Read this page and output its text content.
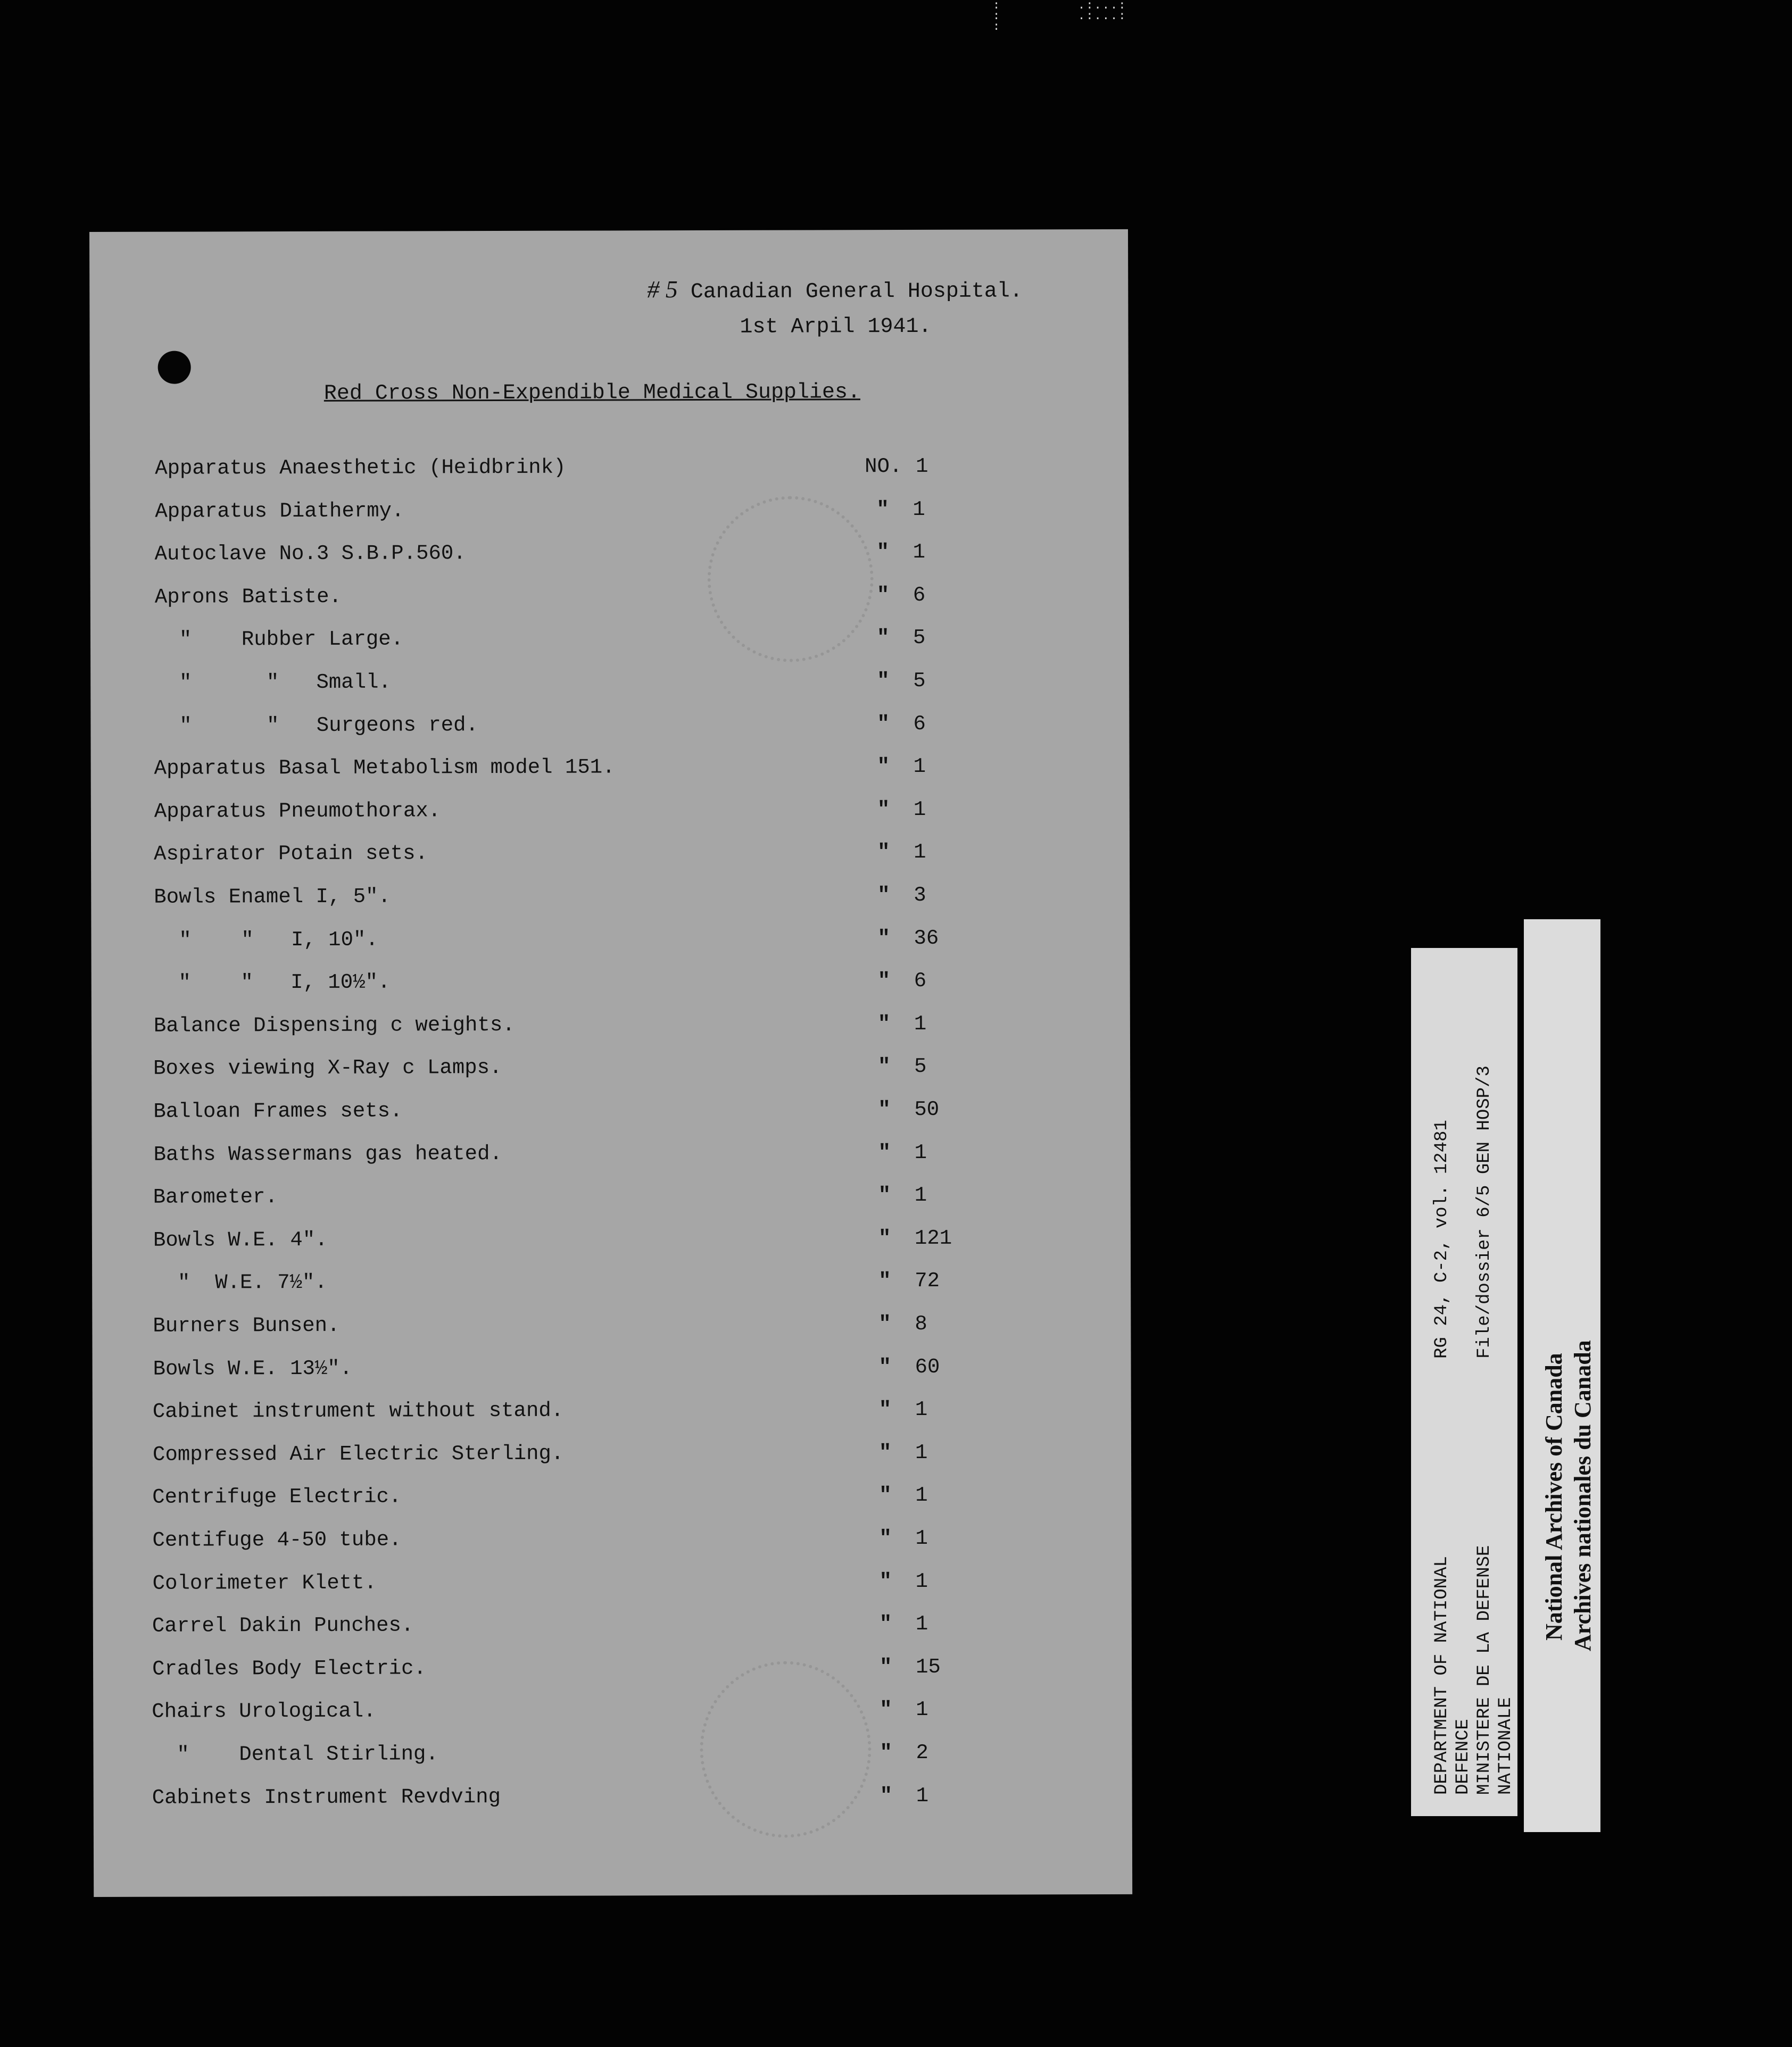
:
:
:
.:...:
.:...:
# 5 Canadian General Hospital.
1st Arpil 1941.
Red Cross Non-Expendible Medical Supplies.
Apparatus Anaesthetic (Heidbrink)	NO. 1
Apparatus Diathermy.	" 1
Autoclave No.3 S.B.P.560.	" 1
Aprons Batiste.	" 6
"    Rubber Large.	" 5
"      "   Small.	" 5
"      "   Surgeons red.	" 6
Apparatus Basal Metabolism model 151.	" 1
Apparatus Pneumothorax.	" 1
Aspirator Potain sets.	" 1
Bowls Enamel I, 5".	" 3
"    "   I, 10".	" 36
"    "   I, 10½".	" 6
Balance Dispensing c weights.	" 1
Boxes viewing X-Ray c Lamps.	" 5
Balloan Frames sets.	" 50
Baths Wassermans gas heated.	" 1
Barometer.	" 1
Bowls W.E. 4".	" 121
"  W.E. 7½".	" 72
Burners Bunsen.	" 8
Bowls W.E. 13½".	" 60
Cabinet instrument without stand.	" 1
Compressed Air Electric Sterling.	" 1
Centrifuge Electric.	" 1
Centifuge 4-50 tube.	" 1
Colorimeter Klett.	" 1
Carrel Dakin Punches.	" 1
Cradles Body Electric.	" 15
Chairs Urological.	" 1
"    Dental Stirling.	" 2
Cabinets Instrument Revdving	" 1
DEPARTMENT OF NATIONAL DEFENCE MINISTERE DE LA DEFENSE NATIONALE
RG 24, C-2, vol. 12481 File/dossier 6/5 GEN HOSP/3
National Archives of Canada Archives nationales du Canada
